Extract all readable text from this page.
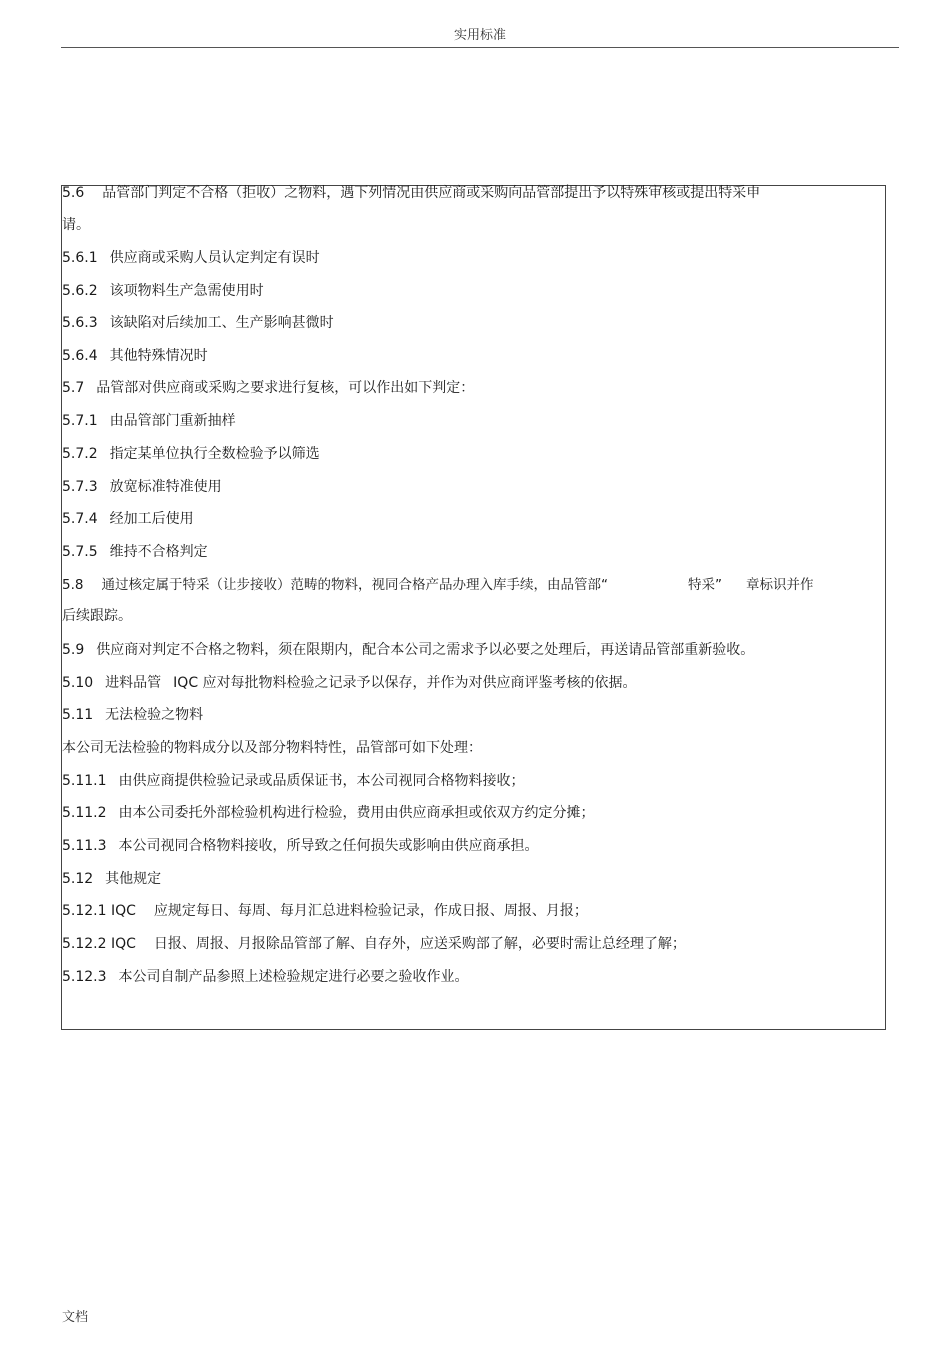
实用标准
5.6 品管部门判定不合格（拒收）之物料，遇下列情况由供应商或采购向品管部提出予以特殊审核或提出特采申
请。
5.6.1 供应商或采购人员认定判定有误时
5.6.2 该项物料生产急需使用时
5.6.3 该缺陷对后续加工、生产影响甚微时
5.6.4 其他特殊情况时
5.7 品管部对供应商或采购之要求进行复核，可以作出如下判定：
5.7.1 由品管部门重新抽样
5.7.2 指定某单位执行全数检验予以筛选
5.7.3 放宽标准特准使用
5.7.4 经加工后使用
5.7.5 维持不合格判定
5.8 通过核定属于特采（让步接收）范畴的物料，视同合格产品办理入库手续，由品管部“	特采” 章标识并作
后续跟踪。
5.9 供应商对判定不合格之物料，须在限期内，配合本公司之需求予以必要之处理后，再送请品管部重新验收。
5.10 进料品管 IQC 应对每批物料检验之记录予以保存，并作为对供应商评鉴考核的依据。
5.11 无法检验之物料
本公司无法检验的物料成分以及部分物料特性，品管部可如下处理：
5.11.1 由供应商提供检验记录或品质保证书，本公司视同合格物料接收；
5.11.2 由本公司委托外部检验机构进行检验，费用由供应商承担或依双方约定分摊；
5.11.3 本公司视同合格物料接收，所导致之任何损失或影响由供应商承担。
5.12 其他规定
5.12.1 IQC 应规定每日、每周、每月汇总进料检验记录，作成日报、周报、月报；
5.12.2 IQC 日报、周报、月报除品管部了解、自存外，应送采购部了解，必要时需让总经理了解；
5.12.3 本公司自制产品参照上述检验规定进行必要之验收作业。
文档
